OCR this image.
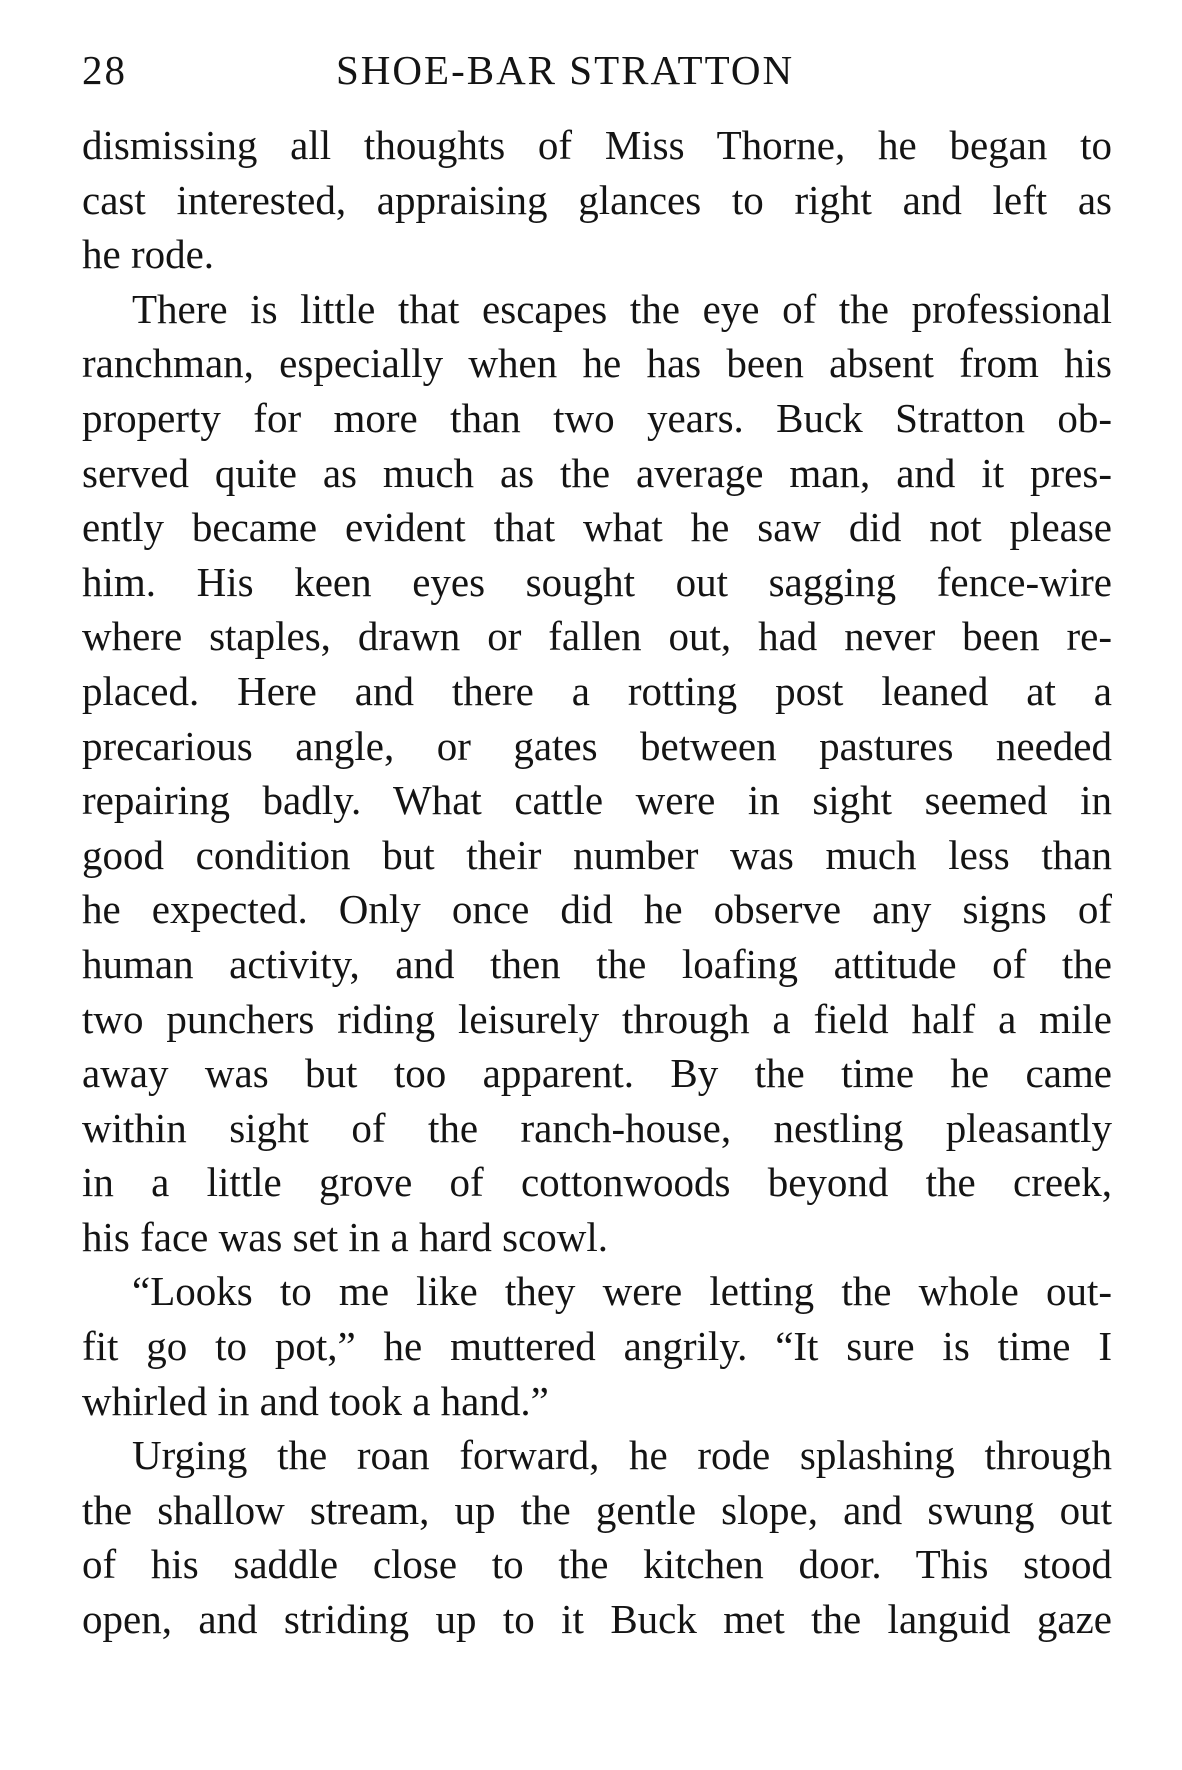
28	SHOE-BAR STRATTON
dismissing all thoughts of Miss Thorne, he began to
cast interested, appraising glances to right and left as
he rode.
There is little that escapes the eye of the professional
ranchman, especially when he has been absent from his
property for more than two years. Buck Stratton ob-
served quite as much as the average man, and it pres-
ently became evident that what he saw did not please
him. His keen eyes sought out sagging fence-wire
where staples, drawn or fallen out, had never been re-
placed. Here and there a rotting post leaned at a
precarious angle, or gates between pastures needed
repairing badly. What cattle were in sight seemed in
good condition but their number was much less than
he expected. Only once did he observe any signs of
human activity, and then the loafing attitude of the
two punchers riding leisurely through a field half a mile
away was but too apparent. By the time he came
within sight of the ranch-house, nestling pleasantly
in a little grove of cottonwoods beyond the creek,
his face was set in a hard scowl.
“Looks to me like they were letting the whole out-
fit go to pot,” he muttered angrily. “It sure is time I
whirled in and took a hand.”
Urging the roan forward, he rode splashing through
the shallow stream, up the gentle slope, and swung out
of his saddle close to the kitchen door. This stood
open, and striding up to it Buck met the languid gaze
